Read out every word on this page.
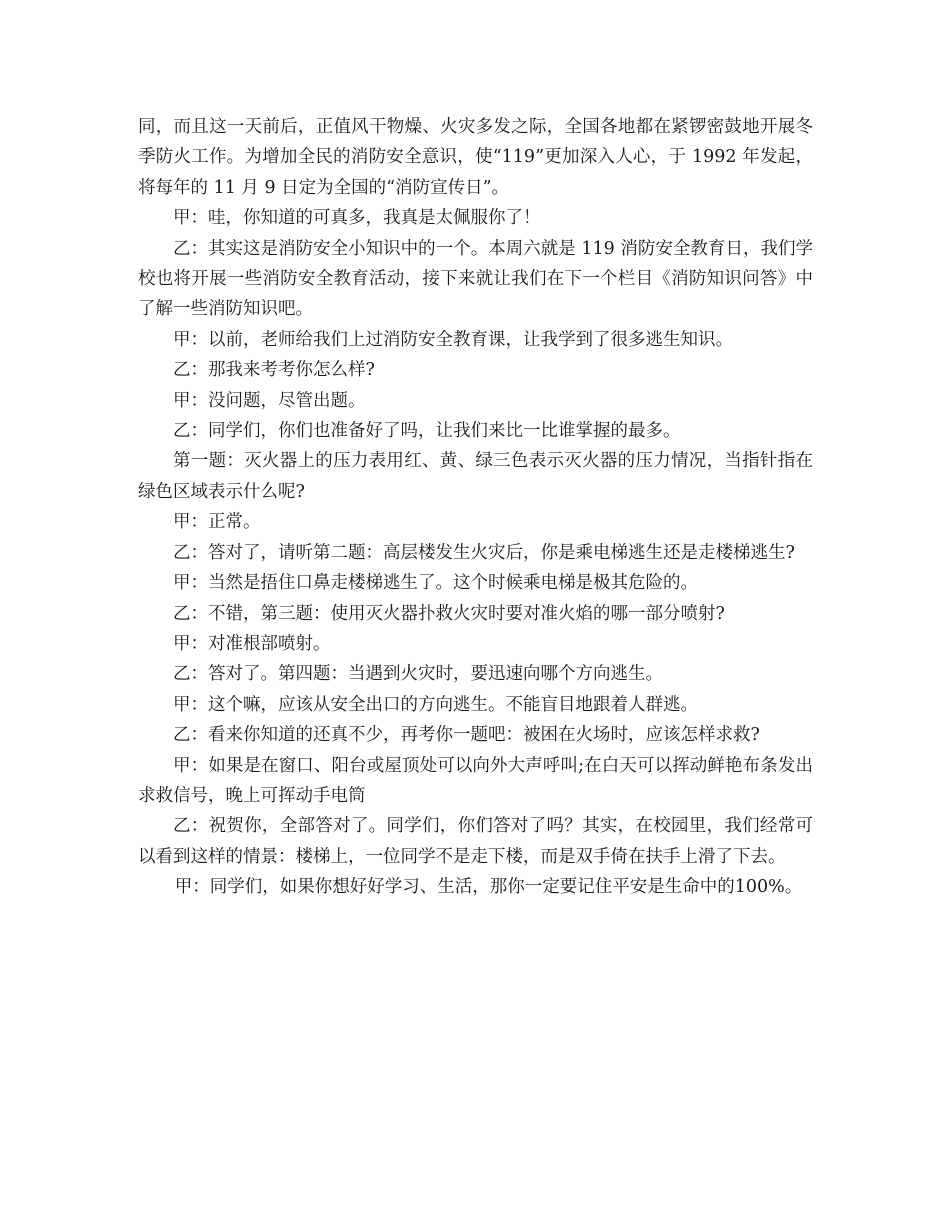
同，而且这一天前后，正值风干物燥、火灾多发之际，全国各地都在紧锣密鼓地开展冬季防火工作。为增加全民的消防安全意识，使“119”更加深入人心，于 1992 年发起，将每年的 11 月 9 日定为全国的“消防宣传日”。

甲：哇，你知道的可真多，我真是太佩服你了！

乙：其实这是消防安全小知识中的一个。本周六就是 119 消防安全教育日，我们学校也将开展一些消防安全教育活动，接下来就让我们在下一个栏目《消防知识问答》中了解一些消防知识吧。

甲：以前，老师给我们上过消防安全教育课，让我学到了很多逃生知识。

乙：那我来考考你怎么样?

甲：没问题，尽管出题。

乙：同学们，你们也准备好了吗，让我们来比一比谁掌握的最多。

第一题：灭火器上的压力表用红、黄、绿三色表示灭火器的压力情况，当指针指在绿色区域表示什么呢?

甲：正常。

乙：答对了，请听第二题：高层楼发生火灾后，你是乘电梯逃生还是走楼梯逃生?

甲：当然是捂住口鼻走楼梯逃生了。这个时候乘电梯是极其危险的。

乙：不错，第三题：使用灭火器扑救火灾时要对准火焰的哪一部分喷射?

甲：对准根部喷射。

乙：答对了。第四题：当遇到火灾时，要迅速向哪个方向逃生。

甲：这个嘛，应该从安全出口的方向逃生。不能盲目地跟着人群逃。

乙：看来你知道的还真不少，再考你一题吧：被困在火场时，应该怎样求救?

甲：如果是在窗口、阳台或屋顶处可以向外大声呼叫;在白天可以挥动鲜艳布条发出求救信号，晚上可挥动手电筒

乙：祝贺你，全部答对了。同学们，你们答对了吗？其实，在校园里，我们经常可以看到这样的情景：楼梯上，一位同学不是走下楼，而是双手倚在扶手上滑了下去。

甲：同学们，如果你想好好学习、生活，那你一定要记住平安是生命中的100%。
